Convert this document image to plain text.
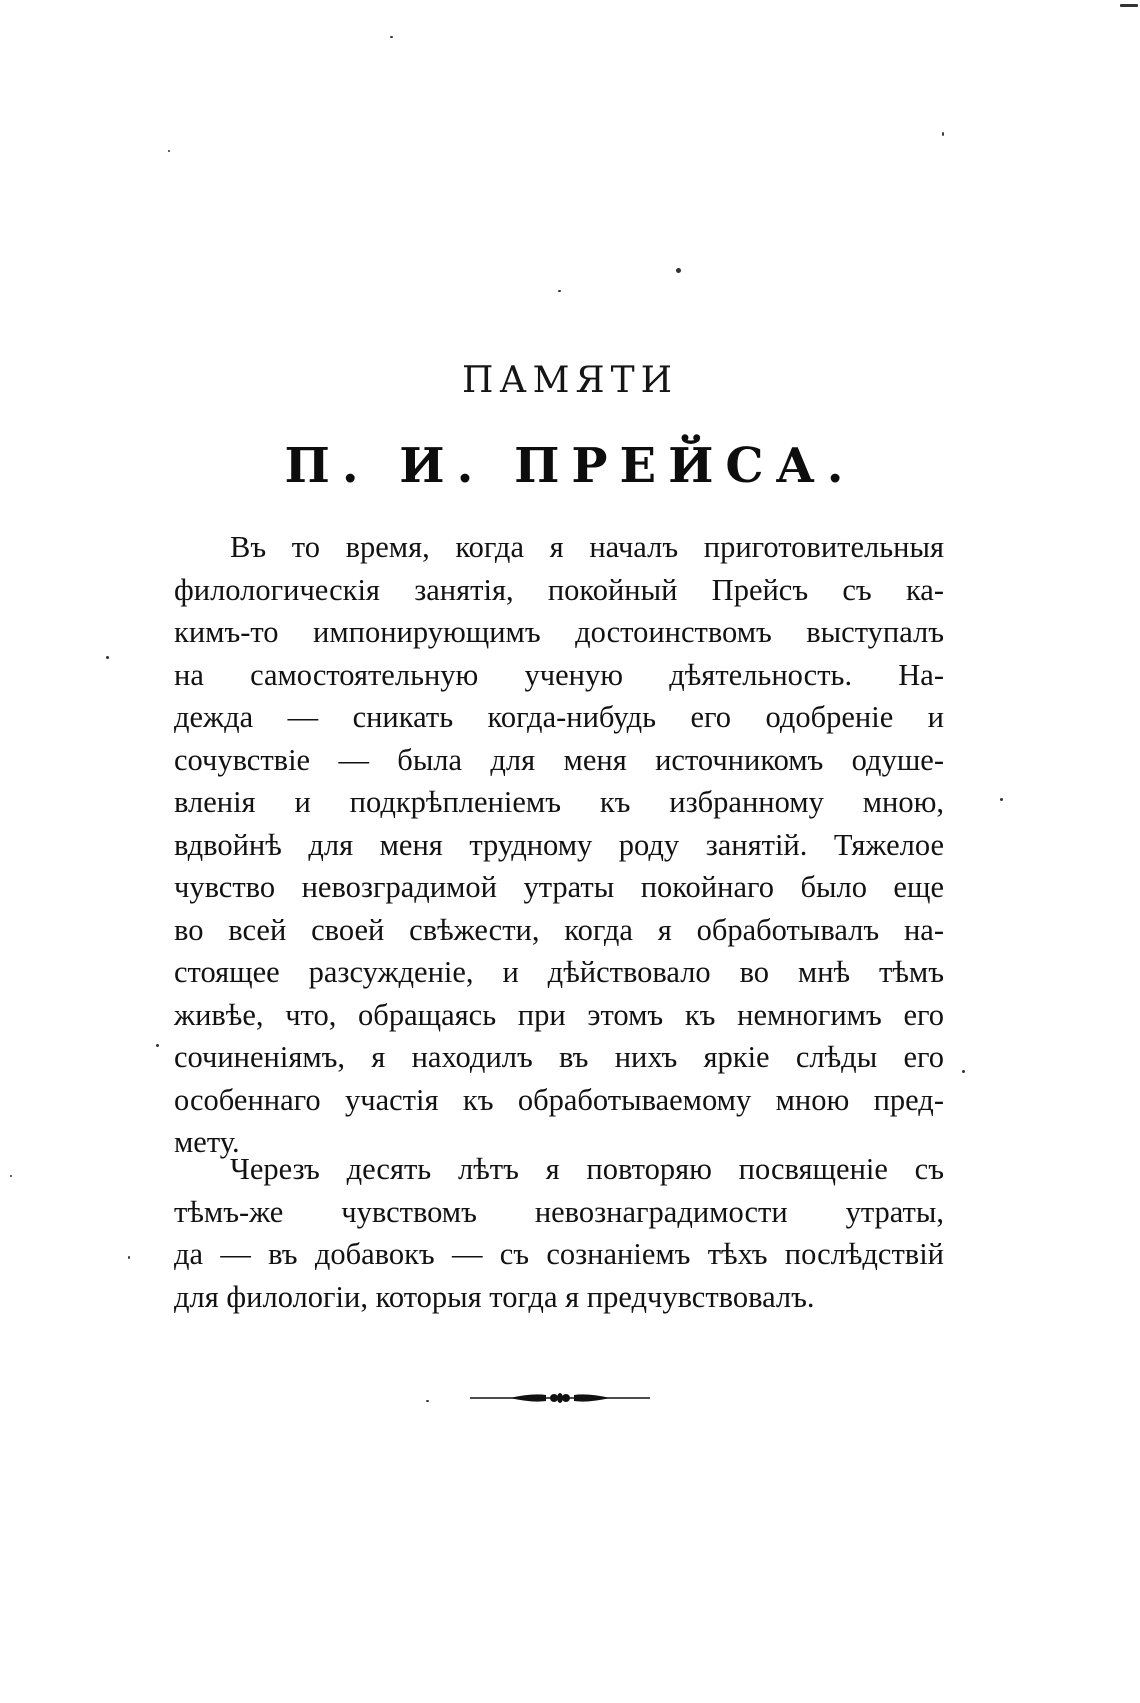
ПАМЯТИ
П. И. ПРЕЙСА.
Въ то время, когда я началъ приготовительныя
филологическія занятія, покойный Прейсъ съ ка-
кимъ-то импонирующимъ достоинствомъ выступалъ
на самостоятельную ученую дѣятельность. На-
дежда — сникать когда-нибудь его одобреніе и
сочувствіе — была для меня источникомъ одуше-
вленія и подкрѣпленіемъ къ избранному мною,
вдвойнѣ для меня трудному роду занятій. Тяжелое
чувство невозградимой утраты покойнаго было еще
во всей своей свѣжести, когда я обработывалъ на-
стоящее разсужденіе, и дѣйствовало во мнѣ тѣмъ
живѣе, что, обращаясь при этомъ къ немногимъ его
сочиненіямъ, я находилъ въ нихъ яркіе слѣды его
особеннаго участія къ обработываемому мною пред-
мету.
Черезъ десять лѣтъ я повторяю посвященіе съ
тѣмъ-же чувствомъ невознаградимости утраты,
да — въ добавокъ — съ сознаніемъ тѣхъ послѣдствій
для филологіи, которыя тогда я предчувствовалъ.
